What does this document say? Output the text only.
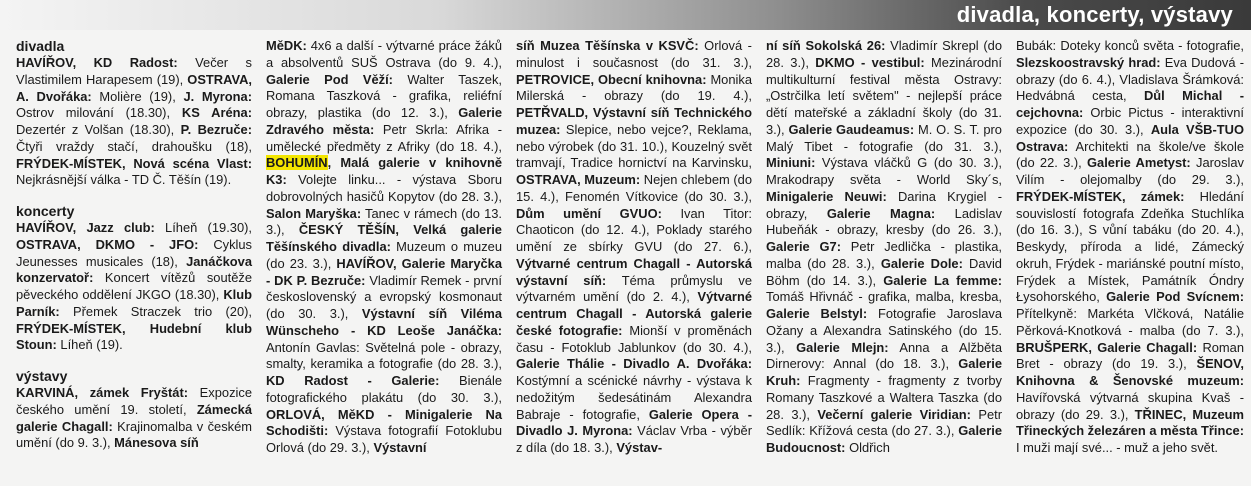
divadla, koncerty, výstavy
divadla

HAVÍŘOV, KD Radost: Večer s Vlastimilem Harapesem (19), OSTRAVA, A. Dvořáka: Molière (19), J. Myrona: Ostrov milování (18.30), KS Aréna: Dezertér z Volšan (18.30), P. Bezruče: Čtyři vraždy stačí, drahoušku (18), FRÝDEK-MÍSTEK, Nová scéna Vlast: Nejkrásnější válka - TD Č. Těšín (19).

koncerty

HAVÍŘOV, Jazz club: Líheň (19.30), OSTRAVA, DKMO - JFO: Cyklus Jeunesses musicales (18), Janáčkova konzervatoř: Koncert vítězů soutěže pěveckého oddělení JKGO (18.30), Klub Parník: Přemek Straczek trio (20), FRÝDEK-MÍSTEK, Hudební klub Stoun: Líheň (19).

výstavy

KARVINÁ, zámek Fryštát: Expozice českého umění 19. století, Zámecká galerie Chagall: Krajinomalba v českém umění (do 9. 3.), Mánesova síň

MěDK: 4x6 a další - výtvarné práce žáků a absolventů SUŠ Ostrava (do 9. 4.), Galerie Pod Věží: Walter Taszek, Romana Taszková - grafika, reliéfní obrazy, plastika (do 12. 3.), Galerie Zdravého města: Petr Skrla: Afrika - umělecké předměty z Afriky (do 18. 4.), BOHUMÍN, Malá galerie v knihovně K3: Volejte linku... - výstava Sboru dobrovolných hasičů Kopytov (do 28. 3.), Salon Maryška: Tanec v rámech (do 13. 3.), ČESKÝ TĚŠÍN, Velká galerie Těšínského divadla: Muzeum o muzeu (do 23. 3.), HAVÍŘOV, Galerie Maryčka - DK P. Bezruče: Vladimír Remek - první československý a evropský kosmonaut (do 30. 3.), Výstavní síň Viléma Wünscheho - KD Leoše Janáčka: Antonín Gavlas: Světelná pole - obrazy, smalty, keramika a fotografie (do 28. 3.), KD Radost - Galerie: Bienále fotografického plakátu (do 30. 3.), ORLOVÁ, MěKD - Minigalerie Na Schodišti: Výstava fotografií Fotoklubu Orlová (do 29. 3.), Výstavní

síň Muzea Těšínska v KSVČ: Orlová - minulost i současnost (do 31. 3.), PETROVICE, Obecní knihovna: Monika Milerská - obrazy (do 19. 4.), PETŘVALD, Výstavní síň Technického muzea: Slepice, nebo vejce?, Reklama, nebo výrobek (do 31. 10.), Kouzelný svět tramvají, Tradice hornictví na Karvinsku, OSTRAVA, Muzeum: Nejen chlebem (do 15. 4.), Fenomén Vítkovice (do 30. 3.), Dům umění GVUO: Ivan Titor: Chaoticon (do 12. 4.), Poklady starého umění ze sbírky GVU (do 27. 6.), Výtvarné centrum Chagall - Autorská výstavní síň: Téma průmyslu ve výtvarném umění (do 2. 4.), Výtvarné centrum Chagall - Autorská galerie české fotografie: Mionší v proměnách času - Fotoklub Jablunkov (do 30. 4.), Galerie Thálie - Divadlo A. Dvořáka: Kostýmní a scénické návrhy - výstava k nedožitým šedesátinám Alexandra Babraje - fotografie, Galerie Opera - Divadlo J. Myrona: Václav Vrba - výběr z díla (do 18. 3.), Výstav-

ní síň Sokolská 26: Vladimír Skrepl (do 28. 3.), DKMO - vestibul: Mezinárodní multikulturní festival města Ostravy: „Ostrčilka letí světem" - nejlepší práce dětí mateřské a základní školy (do 31. 3.), Galerie Gaudeamus: M. O. S. T. pro Malý Tibet - fotografie (do 31. 3.), Miniuni: Výstava vláčků G (do 30. 3.), Mrakodrapy světa - World Sky´s, Minigalerie Neuwi: Darina Krygiel - obrazy, Galerie Magna: Ladislav Hubeňák - obrazy, kresby (do 26. 3.), Galerie G7: Petr Jedlička - plastika, malba (do 28. 3.), Galerie Dole: David Böhm (do 14. 3.), Galerie La femme: Tomáš Hřivnáč - grafika, malba, kresba, Galerie Belstyl: Fotografie Jaroslava Ožany a Alexandra Satinského (do 15. 3.), Galerie Mlejn: Anna a Alžběta Dirnerovy: Annal (do 18. 3.), Galerie Kruh: Fragmenty - fragmenty z tvorby Romany Taszkové a Waltera Taszka (do 28. 3.), Večerní galerie Viridian: Petr Sedlík: Křížová cesta (do 27. 3.), Galerie Budoucnost: Oldřich

Bubák: Doteky konců světa - fotografie, Slezskoostravský hrad: Eva Dudová - obrazy (do 6. 4.), Vladislava Šrámková: Hedvábná cesta, Důl Michal - cejchovna: Orbic Pictus - interaktivní expozice (do 30. 3.), Aula VŠB-TUO Ostrava: Architekti na škole/ve škole (do 22. 3.), Galerie Ametyst: Jaroslav Vilím - olejomalby (do 29. 3.), FRÝDEK-MÍSTEK, zámek: Hledání souvislostí fotografa Zdeňka Stuchlíka (do 16. 3.), S vůní tabáku (do 20. 4.), Beskydy, příroda a lidé, Zámecký okruh, Frýdek - mariánské poutní místo, Frýdek a Místek, Památník Óndry Łysohorského, Galerie Pod Svícnem: Přítelkyně: Markéta Vlčková, Natálie Pěrková-Knotková - malba (do 7. 3.), BRUŠPERK, Galerie Chagall: Roman Bret - obrazy (do 19. 3.), ŠENOV, Knihovna & Šenovské muzeum: Havířovská výtvarná skupina Kvaš - obrazy (do 29. 3.), TŘINEC, Muzeum Třineckých železáren a města Třince: I muži mají své... - muž a jeho svět.
